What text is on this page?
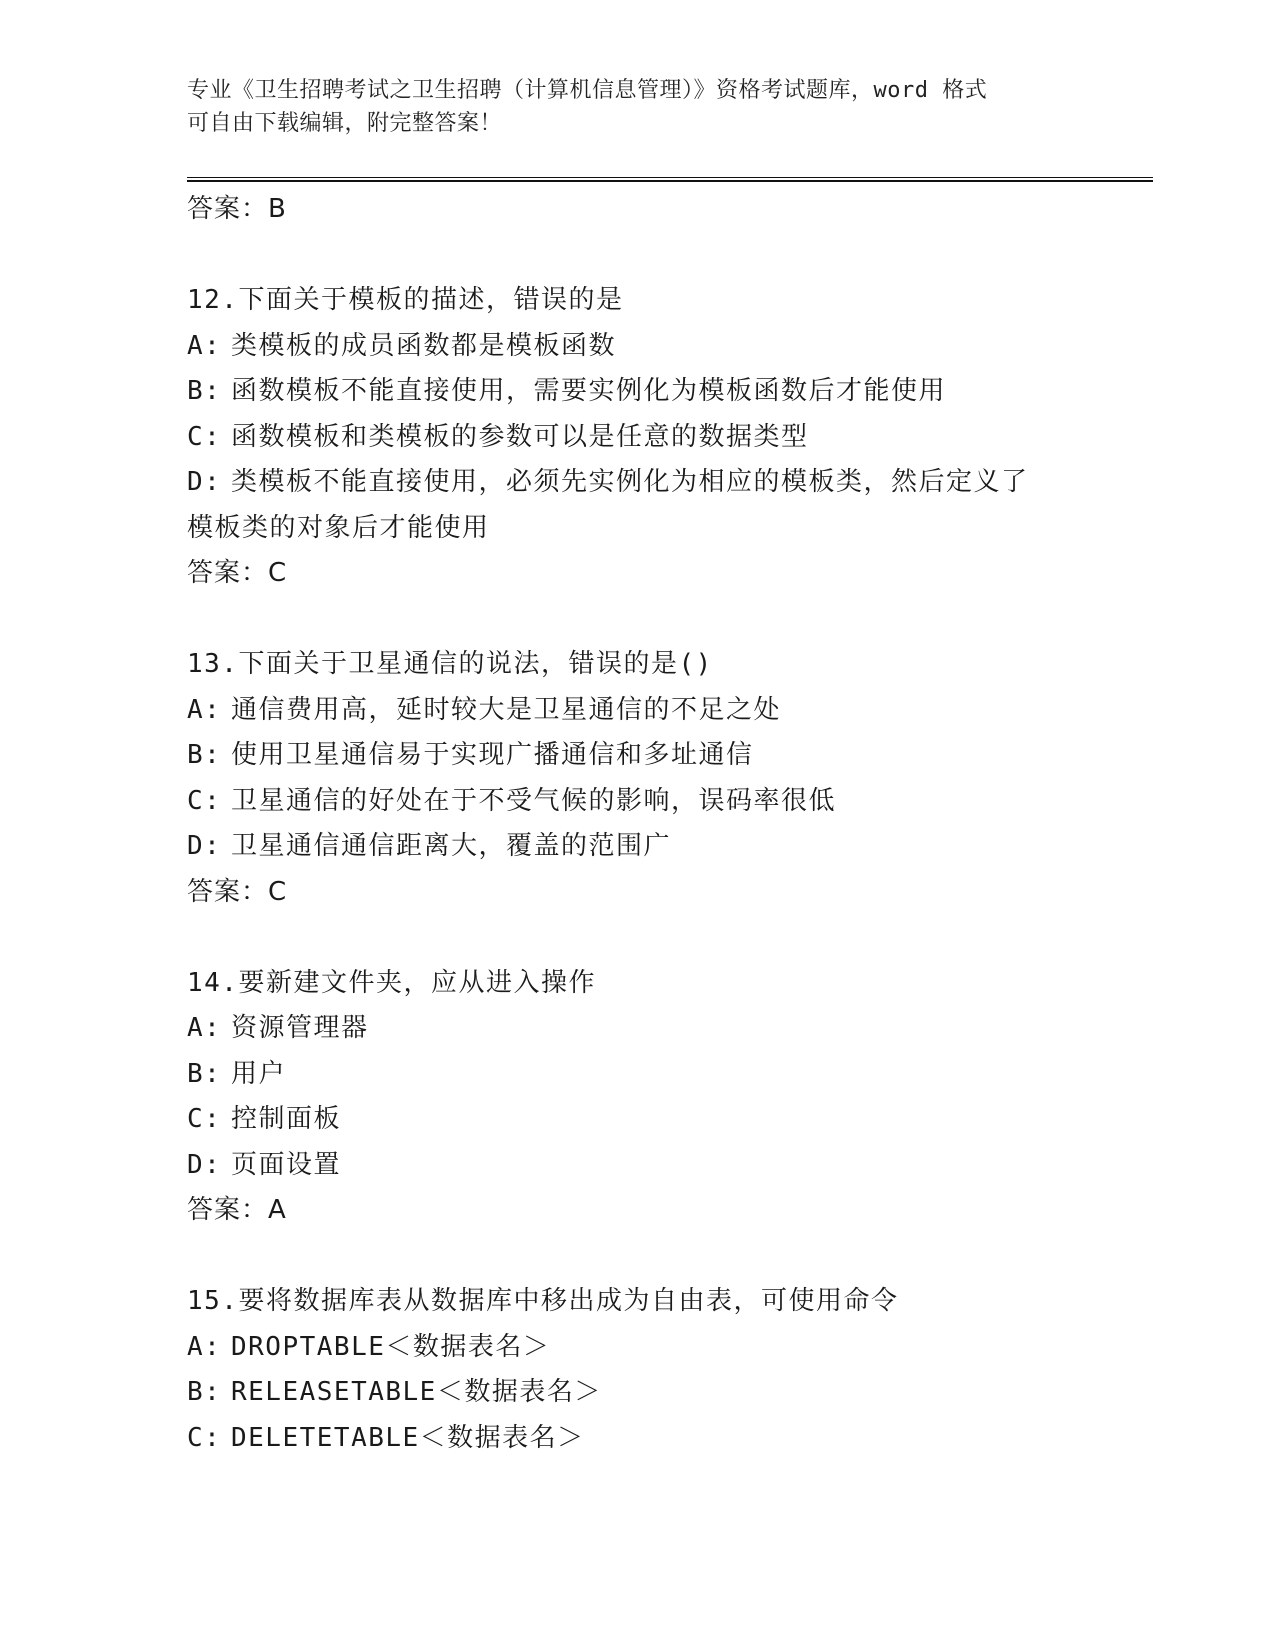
专业《卫生招聘考试之卫生招聘（计算机信息管理）》资格考试题库，word 格式
可自由下载编辑，附完整答案！
答案：B
12.下面关于模板的描述，错误的是
A: 类模板的成员函数都是模板函数
B: 函数模板不能直接使用，需要实例化为模板函数后才能使用
C: 函数模板和类模板的参数可以是任意的数据类型
D: 类模板不能直接使用，必须先实例化为相应的模板类，然后定义了
模板类的对象后才能使用
答案：C
13.下面关于卫星通信的说法，错误的是()
A: 通信费用高，延时较大是卫星通信的不足之处
B: 使用卫星通信易于实现广播通信和多址通信
C: 卫星通信的好处在于不受气候的影响，误码率很低
D: 卫星通信通信距离大，覆盖的范围广
答案：C
14.要新建文件夹，应从进入操作
A: 资源管理器
B: 用户
C: 控制面板
D: 页面设置
答案：A
15.要将数据库表从数据库中移出成为自由表，可使用命令
A: DROPTABLE＜数据表名＞
B: RELEASETABLE＜数据表名＞
C: DELETETABLE＜数据表名＞
